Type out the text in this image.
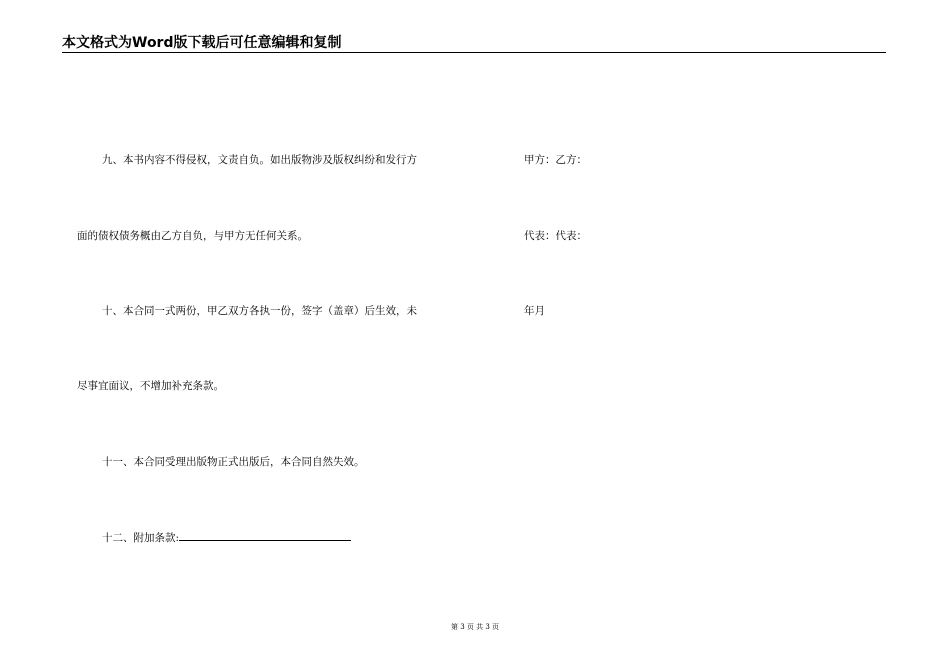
本文格式为Word版下载后可任意编辑和复制
九、本书内容不得侵权，文责自负。如出版物涉及版权纠纷和发行方	甲方：乙方：
面的债权债务概由乙方自负，与甲方无任何关系。	代表：代表：
十、本合同一式两份，甲乙双方各执一份，签字（盖章）后生效，未	年月
尽事宜面议，不增加补充条款。
十一、本合同受理出版物正式出版后，本合同自然失效。
十二、附加条款:
第 3 页 共 3 页
